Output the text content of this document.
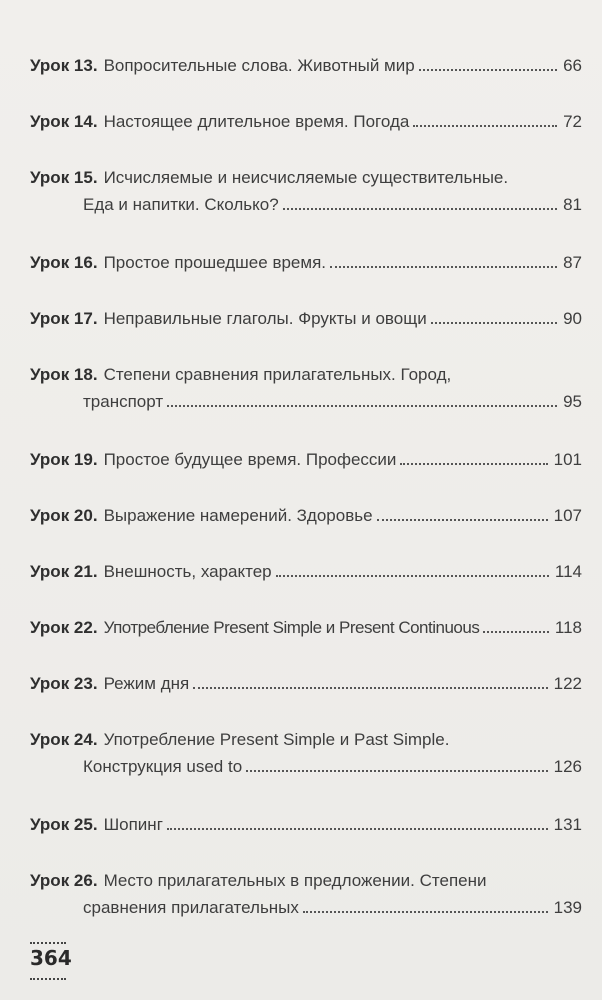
Урок 13. Вопросительные слова. Животный мир	66
Урок 14. Настоящее длительное время. Погода	72
Урок 15. Исчисляемые и неисчисляемые существительные.
Еда и напитки. Сколько?	81
Урок 16. Простое прошедшее время.	87
Урок 17. Неправильные глаголы. Фрукты и овощи	90
Урок 18. Степени сравнения прилагательных. Город,
транспорт	95
Урок 19. Простое будущее время. Профессии	101
Урок 20. Выражение намерений. Здоровье	107
Урок 21. Внешность, характер	114
Урок 22. Употребление Present Simple и Present Continuous	118
Урок 23. Режим дня	122
Урок 24. Употребление Present Simple и Past Simple.
Конструкция used to	126
Урок 25. Шопинг	131
Урок 26. Место прилагательных в предложении. Степени
сравнения прилагательных	139
364
